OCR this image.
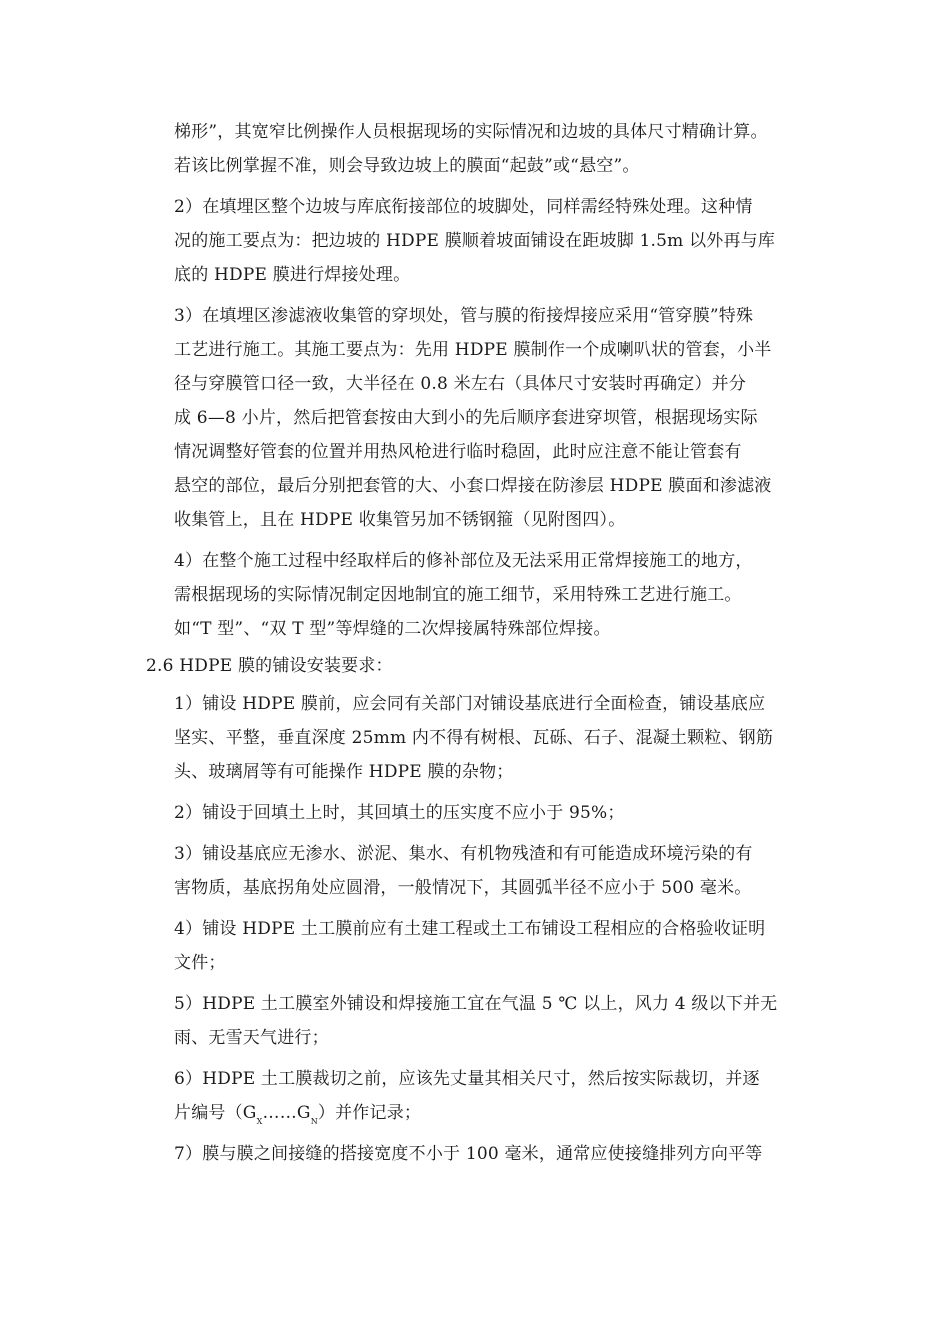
梯形”，其宽窄比例操作人员根据现场的实际情况和边坡的具体尺寸精确计算。
若该比例掌握不准，则会导致边坡上的膜面“起鼓”或“悬空”。
2）在填埋区整个边坡与库底衔接部位的坡脚处，同样需经特殊处理。这种情
况的施工要点为：把边坡的 HDPE 膜顺着坡面铺设在距坡脚 1.5m 以外再与库
底的 HDPE 膜进行焊接处理。
3）在填埋区渗滤液收集管的穿坝处，管与膜的衔接焊接应采用“管穿膜”特殊
工艺进行施工。其施工要点为：先用 HDPE 膜制作一个成喇叭状的管套，小半
径与穿膜管口径一致，大半径在 0.8 米左右（具体尺寸安装时再确定）并分
成 6—8 小片，然后把管套按由大到小的先后顺序套进穿坝管，根据现场实际
情况调整好管套的位置并用热风枪进行临时稳固，此时应注意不能让管套有
悬空的部位，最后分别把套管的大、小套口焊接在防渗层 HDPE 膜面和渗滤液
收集管上，且在 HDPE 收集管另加不锈钢箍（见附图四）。
4）在整个施工过程中经取样后的修补部位及无法采用正常焊接施工的地方，
需根据现场的实际情况制定因地制宜的施工细节，采用特殊工艺进行施工。
如“T 型”、“双 T 型”等焊缝的二次焊接属特殊部位焊接。
2.6 HDPE 膜的铺设安装要求：
1）铺设 HDPE 膜前，应会同有关部门对铺设基底进行全面检查，铺设基底应
坚实、平整，垂直深度 25mm 内不得有树根、瓦砾、石子、混凝土颗粒、钢筋
头、玻璃屑等有可能操作 HDPE 膜的杂物；
2）铺设于回填土上时，其回填土的压实度不应小于 95%；
3）铺设基底应无渗水、淤泥、集水、有机物残渣和有可能造成环境污染的有
害物质，基底拐角处应圆滑，一般情况下，其圆弧半径不应小于 500 毫米。
4）铺设 HDPE 土工膜前应有土建工程或土工布铺设工程相应的合格验收证明
文件；
5）HDPE 土工膜室外铺设和焊接施工宜在气温 5 ℃ 以上，风力 4 级以下并无
雨、无雪天气进行；
6）HDPE 土工膜裁切之前，应该先丈量其相关尺寸，然后按实际裁切，并逐
片编号$(G_X\dots\dots G_N)$并作记录；
7）膜与膜之间接缝的搭接宽度不小于 100 毫米，通常应使接缝排列方向平等
